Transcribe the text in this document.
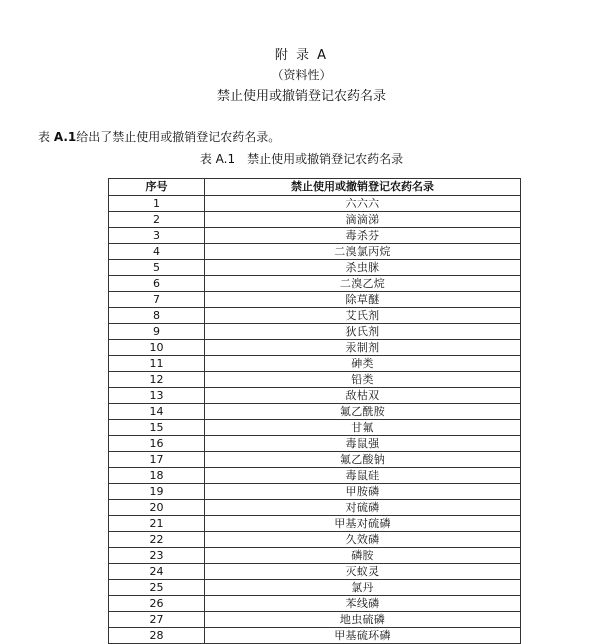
附 录 A
（资料性）
禁止使用或撤销登记农药名录
表 A.1给出了禁止使用或撤销登记农药名录。
表 A.1　禁止使用或撤销登记农药名录
序号	禁止使用或撤销登记农药名录
1	六六六
2	滴滴涕
3	毒杀芬
4	二溴氯丙烷
5	杀虫脒
6	二溴乙烷
7	除草醚
8	艾氏剂
9	狄氏剂
10	汞制剂
11	砷类
12	铅类
13	敌枯双
14	氟乙酰胺
15	甘氟
16	毒鼠强
17	氟乙酸钠
18	毒鼠硅
19	甲胺磷
20	对硫磷
21	甲基对硫磷
22	久效磷
23	磷胺
24	灭蚁灵
25	氯丹
26	苯线磷
27	地虫硫磷
28	甲基硫环磷
